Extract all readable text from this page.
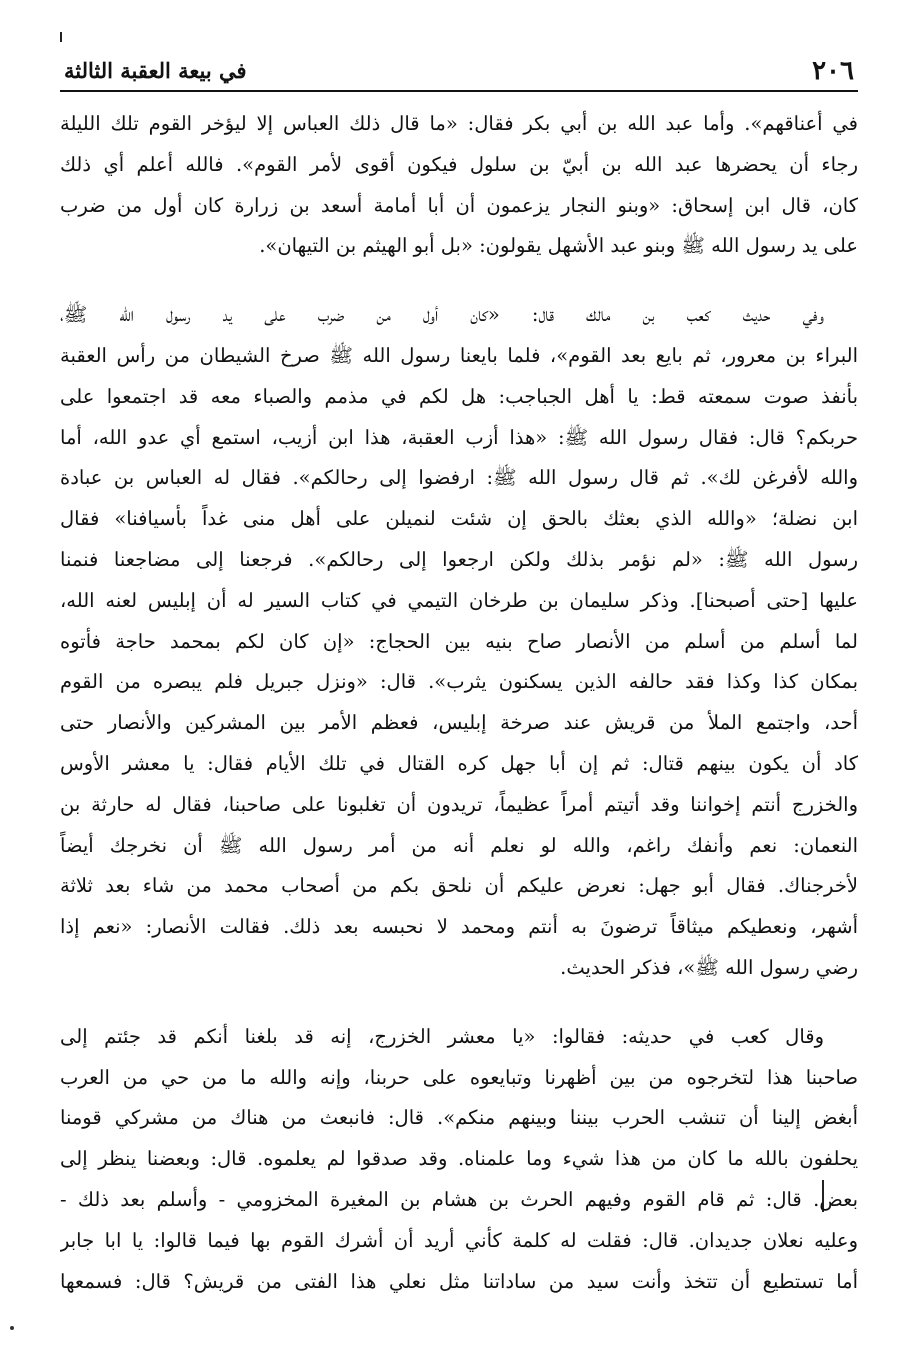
٢٠٦
في بيعة العقبة الثالثة
في أعناقهم». وأما عبد الله بن أبي بكر فقال: «ما قال ذلك العباس إلا ليؤخر القوم تلك الليلة
رجاء أن يحضرها عبد الله بن أبيّ بن سلول فيكون أقوى لأمر القوم». فالله أعلم أي ذلك
كان، قال ابن إسحاق: «وبنو النجار يزعمون أن أبا أمامة أسعد بن زرارة كان أول من ضرب
على يد رسول الله ﷺ وبنو عبد الأشهل يقولون: «بل أبو الهيثم بن التيهان».
وفي حديث كعب بن مالك قال: «كان أول من ضرب على يد رسول الله ﷺ،
البراء بن معرور، ثم بايع بعد القوم»، فلما بايعنا رسول الله ﷺ صرخ الشيطان من رأس العقبة
بأنفذ صوت سمعته قط: يا أهل الجباجب: هل لكم في مذمم والصباء معه قد اجتمعوا على
حربكم؟ قال: فقال رسول الله ﷺ: «هذا أزب العقبة، هذا ابن أزيب، استمع أي عدو الله، أما
والله لأفرغن لك». ثم قال رسول الله ﷺ: ارفضوا إلى رحالكم». فقال له العباس بن عبادة
ابن نضلة؛ «والله الذي بعثك بالحق إن شئت لنميلن على أهل منى غداً بأسيافنا» فقال
رسول الله ﷺ: «لم نؤمر بذلك ولكن ارجعوا إلى رحالكم». فرجعنا إلى مضاجعنا فنمنا
عليها [حتى أصبحنا]. وذكر سليمان بن طرخان التيمي في كتاب السير له أن إبليس لعنه الله،
لما أسلم من أسلم من الأنصار صاح بنيه بين الحجاج: «إن كان لكم بمحمد حاجة فأتوه
بمكان كذا وكذا فقد حالفه الذين يسكنون يثرب». قال: «ونزل جبريل فلم يبصره من القوم
أحد، واجتمع الملأ من قريش عند صرخة إبليس، فعظم الأمر بين المشركين والأنصار حتى
كاد أن يكون بينهم قتال: ثم إن أبا جهل كره القتال في تلك الأيام فقال: يا معشر الأوس
والخزرج أنتم إخواننا وقد أتيتم أمراً عظيماً، تريدون أن تغلبونا على صاحبنا، فقال له حارثة بن
النعمان: نعم وأنفك راغم، والله لو نعلم أنه من أمر رسول الله ﷺ أن نخرجك أيضاً
لأخرجناك. فقال أبو جهل: نعرض عليكم أن نلحق بكم من أصحاب محمد من شاء بعد ثلاثة
أشهر، ونعطيكم ميثاقاً ترضونَ به أنتم ومحمد لا نحبسه بعد ذلك. فقالت الأنصار: «نعم إذا
رضي رسول الله ﷺ»، فذكر الحديث.
وقال كعب في حديثه: فقالوا: «يا معشر الخزرج، إنه قد بلغنا أنكم قد جئتم إلى
صاحبنا هذا لتخرجوه من بين أظهرنا وتبايعوه على حربنا، وإنه والله ما من حي من العرب
أبغض إلينا أن تنشب الحرب بيننا وبينهم منكم». قال: فانبعث من هناك من مشركي قومنا
يحلفون بالله ما كان من هذا شيء وما علمناه. وقد صدقوا لم يعلموه. قال: وبعضنا ينظر إلى
بعض. قال: ثم قام القوم وفيهم الحرث بن هشام بن المغيرة المخزومي - وأسلم بعد ذلك -
وعليه نعلان جديدان. قال: فقلت له كلمة كأني أريد أن أشرك القوم بها فيما قالوا: يا ابا جابر
أما تستطيع أن تتخذ وأنت سيد من ساداتنا مثل نعلي هذا الفتى من قريش؟ قال: فسمعها
